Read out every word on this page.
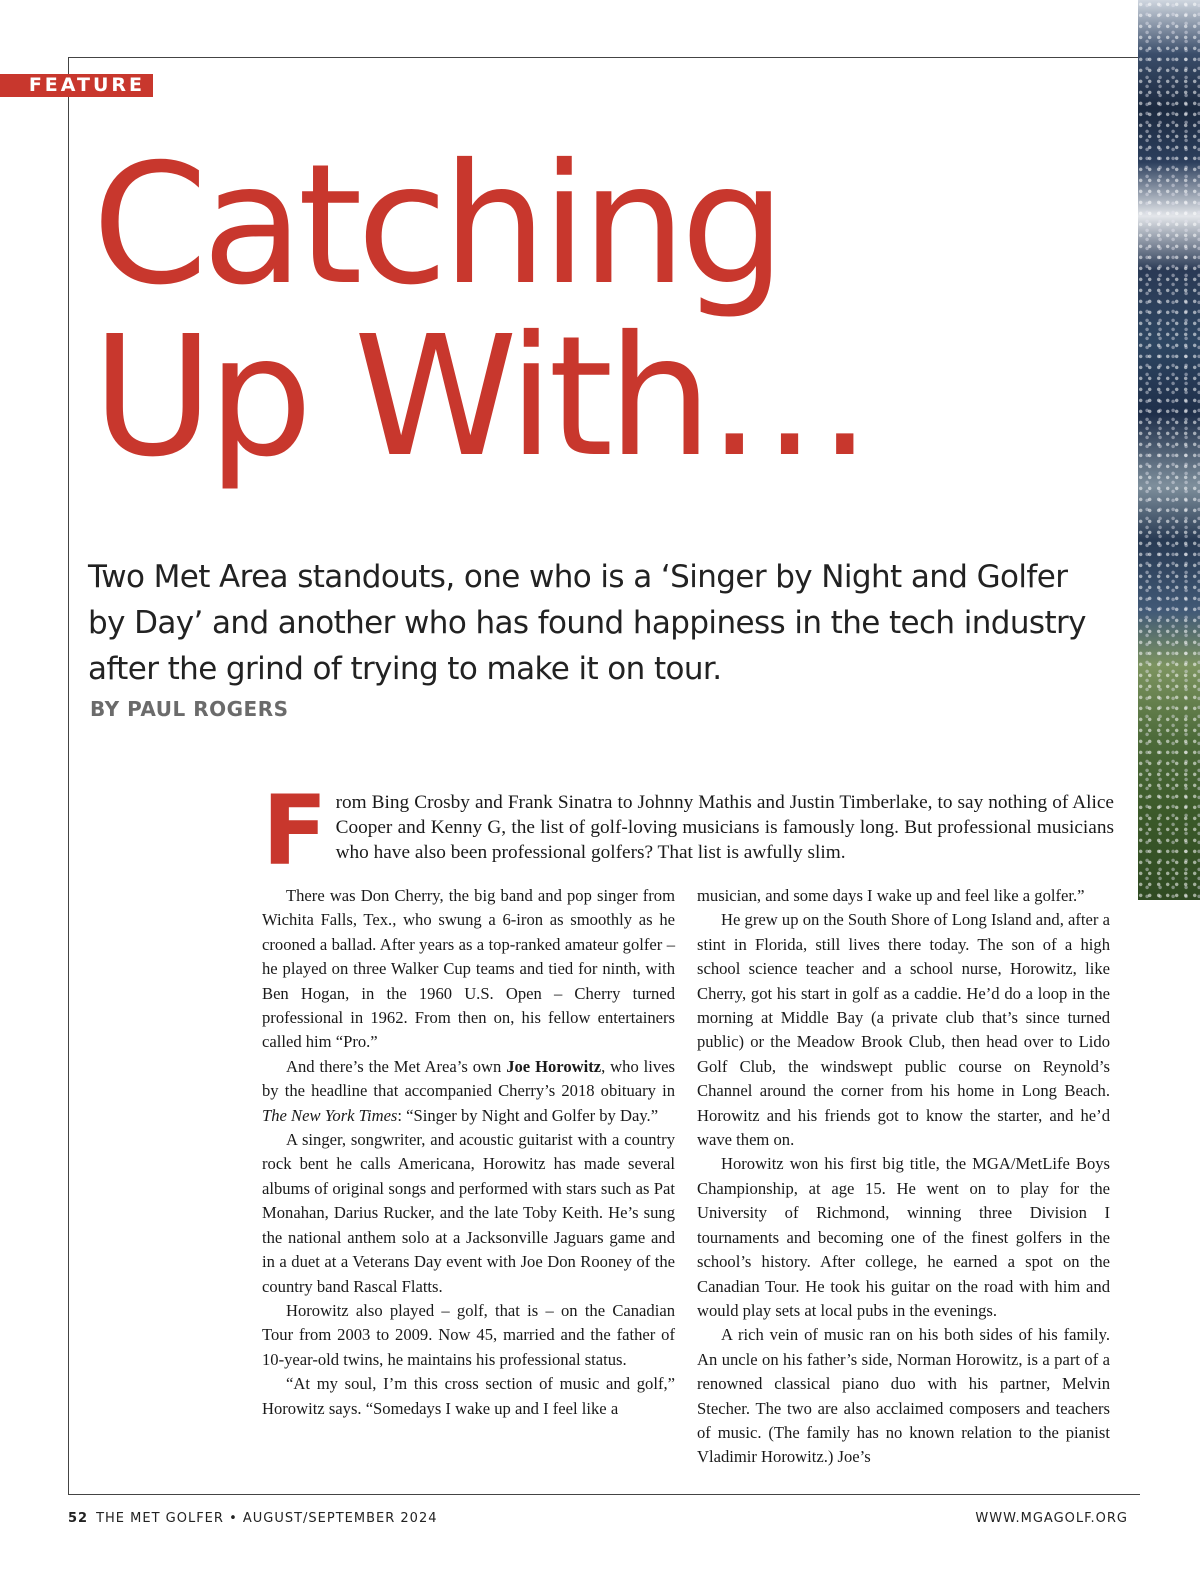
FEATURE
Catching
Up With…

Two Met Area standouts, one who is a ‘Singer by Night and Golfer by Day’ and another who has found happiness in the tech industry after the grind of trying to make it on tour.

BY PAUL ROGERS
From Bing Crosby and Frank Sinatra to Johnny Mathis and Justin Timberlake, to say nothing of Alice Cooper and Kenny G, the list of golf-loving musicians is famously long. But professional musicians who have also been professional golfers? That list is awfully slim.

There was Don Cherry, the big band and pop singer from Wichita Falls, Tex., who swung a 6-iron as smoothly as he crooned a ballad. After years as a top-ranked amateur golfer – he played on three Walker Cup teams and tied for ninth, with Ben Hogan, in the 1960 U.S. Open – Cherry turned professional in 1962. From then on, his fellow entertainers called him “Pro.”

And there’s the Met Area’s own Joe Horowitz, who lives by the headline that accompanied Cherry’s 2018 obituary in The New York Times: “Singer by Night and Golfer by Day.”

A singer, songwriter, and acoustic guitarist with a country rock bent he calls Americana, Horowitz has made several albums of original songs and performed with stars such as Pat Monahan, Darius Rucker, and the late Toby Keith. He’s sung the national anthem solo at a Jacksonville Jaguars game and in a duet at a Veterans Day event with Joe Don Rooney of the country band Rascal Flatts.

Horowitz also played – golf, that is – on the Canadian Tour from 2003 to 2009. Now 45, married and the father of 10-year-old twins, he maintains his professional status.

“At my soul, I’m this cross section of music and golf,” Horowitz says. “Somedays I wake up and I feel like a

musician, and some days I wake up and feel like a golfer.”

He grew up on the South Shore of Long Island and, after a stint in Florida, still lives there today. The son of a high school science teacher and a school nurse, Horowitz, like Cherry, got his start in golf as a caddie. He’d do a loop in the morning at Middle Bay (a private club that’s since turned public) or the Meadow Brook Club, then head over to Lido Golf Club, the windswept public course on Reynold’s Channel around the corner from his home in Long Beach. Horowitz and his friends got to know the starter, and he’d wave them on.

Horowitz won his first big title, the MGA/MetLife Boys Championship, at age 15. He went on to play for the University of Richmond, winning three Division I tournaments and becoming one of the finest golfers in the school’s history. After college, he earned a spot on the Canadian Tour. He took his guitar on the road with him and would play sets at local pubs in the evenings.

A rich vein of music ran on his both sides of his family. An uncle on his father’s side, Norman Horowitz, is a part of a renowned classical piano duo with his partner, Melvin Stecher. The two are also acclaimed composers and teachers of music. (The family has no known relation to the pianist Vladimir Horowitz.) Joe’s

52 THE MET GOLFER • AUGUST/SEPTEMBER 2024	WWW.MGAGOLF.ORG
